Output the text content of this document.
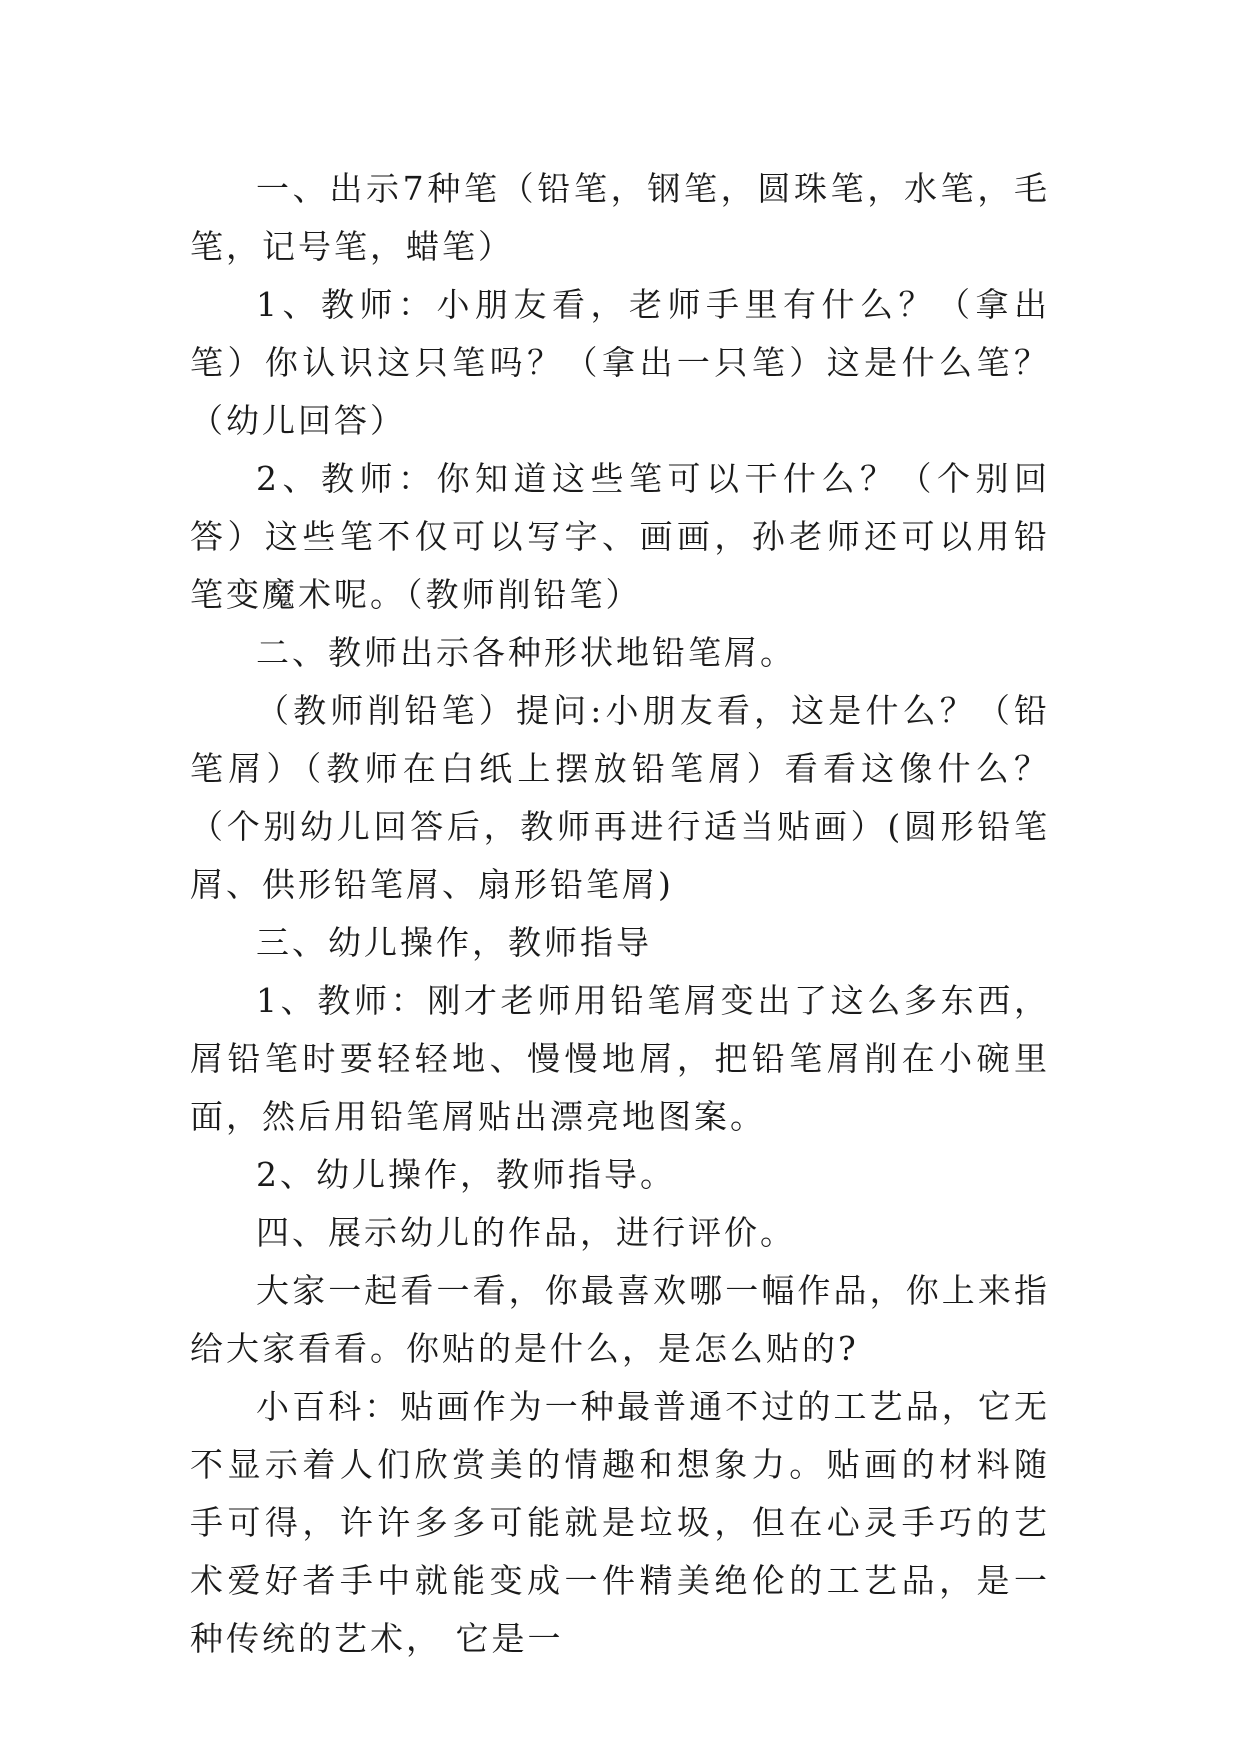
一、出示7种笔（铅笔，钢笔，圆珠笔，水笔，毛笔，记号笔，蜡笔）

1、教师：小朋友看，老师手里有什么？（拿出笔）你认识这只笔吗？（拿出一只笔）这是什么笔？（幼儿回答）

2、教师：你知道这些笔可以干什么？（个别回答）这些笔不仅可以写字、画画，孙老师还可以用铅笔变魔术呢。（教师削铅笔）

二、教师出示各种形状地铅笔屑。

（教师削铅笔）提问:小朋友看，这是什么？（铅笔屑）（教师在白纸上摆放铅笔屑）看看这像什么？（个别幼儿回答后，教师再进行适当贴画）(圆形铅笔屑、供形铅笔屑、扇形铅笔屑)

三、幼儿操作，教师指导

1、教师：刚才老师用铅笔屑变出了这么多东西，屑铅笔时要轻轻地、慢慢地屑，把铅笔屑削在小碗里面，然后用铅笔屑贴出漂亮地图案。

2、幼儿操作，教师指导。

四、展示幼儿的作品，进行评价。

大家一起看一看，你最喜欢哪一幅作品，你上来指给大家看看。你贴的是什么，是怎么贴的?

小百科：贴画作为一种最普通不过的工艺品，它无不显示着人们欣赏美的情趣和想象力。贴画的材料随手可得，许许多多可能就是垃圾，但在心灵手巧的艺术爱好者手中就能变成一件精美绝伦的工艺品，是一种传统的艺术， 它是一
